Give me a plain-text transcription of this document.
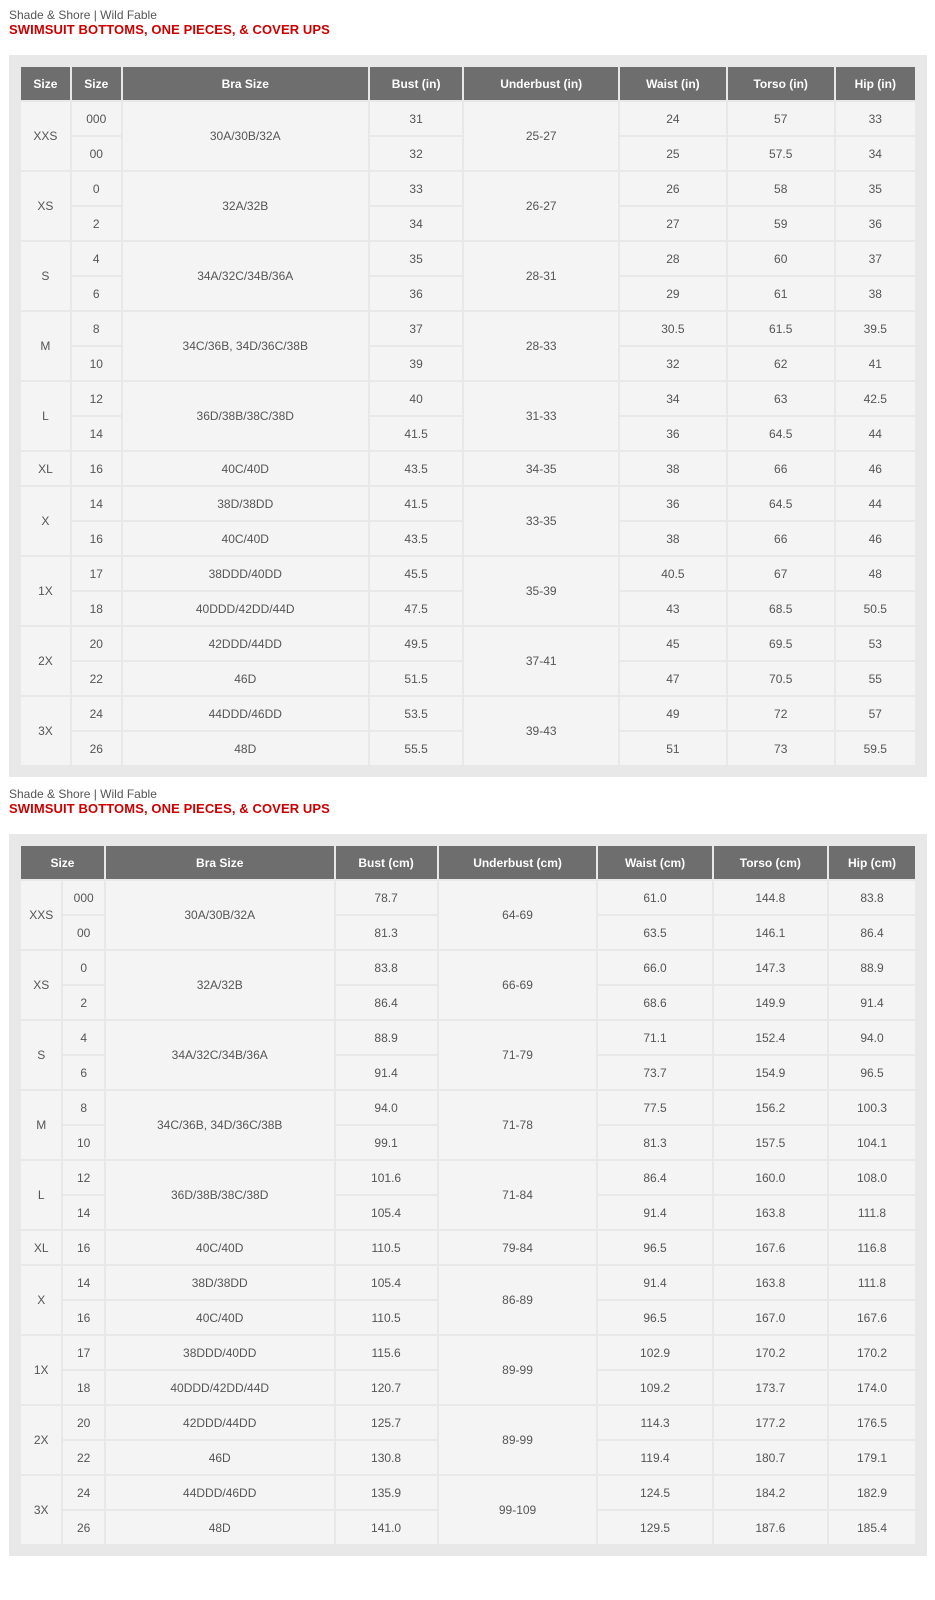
Shade & Shore | Wild Fable
SWIMSUIT BOTTOMS, ONE PIECES, & COVER UPS
Size	Size	Bra Size	Bust (in)	Underbust (in)	Waist (in)	Torso (in)	Hip (in)
XXS	000	30A/30B/32A	31	25-27	24	57	33
	00		32		25	57.5	34
XS	0	32A/32B	33	26-27	26	58	35
	2		34		27	59	36
S	4	34A/32C/34B/36A	35	28-31	28	60	37
	6		36		29	61	38
M	8	34C/36B, 34D/36C/38B	37	28-33	30.5	61.5	39.5
	10		39		32	62	41
L	12	36D/38B/38C/38D	40	31-33	34	63	42.5
	14		41.5		36	64.5	44
XL	16	40C/40D	43.5	34-35	38	66	46
X	14	38D/38DD	41.5	33-35	36	64.5	44
	16	40C/40D	43.5		38	66	46
1X	17	38DDD/40DD	45.5	35-39	40.5	67	48
	18	40DDD/42DD/44D	47.5		43	68.5	50.5
2X	20	42DDD/44DD	49.5	37-41	45	69.5	53
	22	46D	51.5		47	70.5	55
3X	24	44DDD/46DD	53.5	39-43	49	72	57
	26	48D	55.5		51	73	59.5
Shade & Shore | Wild Fable
SWIMSUIT BOTTOMS, ONE PIECES, & COVER UPS
Size		Bra Size	Bust (cm)	Underbust (cm)	Waist (cm)	Torso (cm)	Hip (cm)
XXS	000	30A/30B/32A	78.7	64-69	61.0	144.8	83.8
	00		81.3		63.5	146.1	86.4
XS	0	32A/32B	83.8	66-69	66.0	147.3	88.9
	2		86.4		68.6	149.9	91.4
S	4	34A/32C/34B/36A	88.9	71-79	71.1	152.4	94.0
	6		91.4		73.7	154.9	96.5
M	8	34C/36B, 34D/36C/38B	94.0	71-78	77.5	156.2	100.3
	10		99.1		81.3	157.5	104.1
L	12	36D/38B/38C/38D	101.6	71-84	86.4	160.0	108.0
	14		105.4		91.4	163.8	111.8
XL	16	40C/40D	110.5	79-84	96.5	167.6	116.8
X	14	38D/38DD	105.4	86-89	91.4	163.8	111.8
	16	40C/40D	110.5		96.5	167.0	167.6
1X	17	38DDD/40DD	115.6	89-99	102.9	170.2	170.2
	18	40DDD/42DD/44D	120.7		109.2	173.7	174.0
2X	20	42DDD/44DD	125.7	89-99	114.3	177.2	176.5
	22	46D	130.8		119.4	180.7	179.1
3X	24	44DDD/46DD	135.9	99-109	124.5	184.2	182.9
	26	48D	141.0		129.5	187.6	185.4
